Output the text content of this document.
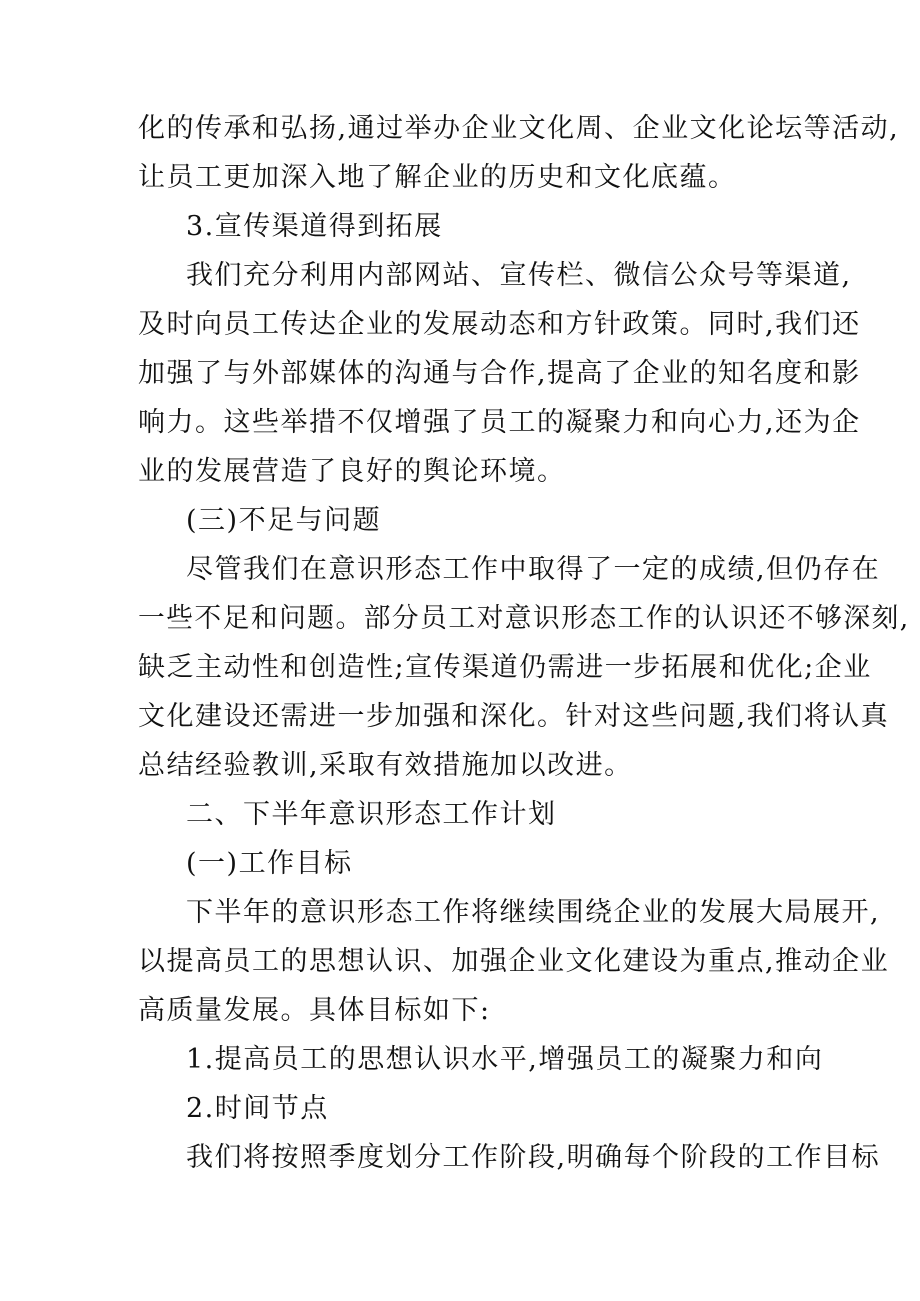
化的传承和弘扬,通过举办企业文化周、企业文化论坛等活动,
让员工更加深入地了解企业的历史和文化底蕴。
3.宣传渠道得到拓展
我们充分利用内部网站、宣传栏、微信公众号等渠道,
及时向员工传达企业的发展动态和方针政策。同时,我们还
加强了与外部媒体的沟通与合作,提高了企业的知名度和影
响力。这些举措不仅增强了员工的凝聚力和向心力,还为企
业的发展营造了良好的舆论环境。
(三)不足与问题
尽管我们在意识形态工作中取得了一定的成绩,但仍存在
一些不足和问题。部分员工对意识形态工作的认识还不够深刻,
缺乏主动性和创造性;宣传渠道仍需进一步拓展和优化;企业
文化建设还需进一步加强和深化。针对这些问题,我们将认真
总结经验教训,采取有效措施加以改进。
二、下半年意识形态工作计划
(一)工作目标
下半年的意识形态工作将继续围绕企业的发展大局展开,
以提高员工的思想认识、加强企业文化建设为重点,推动企业
高质量发展。具体目标如下:
1.提高员工的思想认识水平,增强员工的凝聚力和向
2.时间节点
我们将按照季度划分工作阶段,明确每个阶段的工作目标
